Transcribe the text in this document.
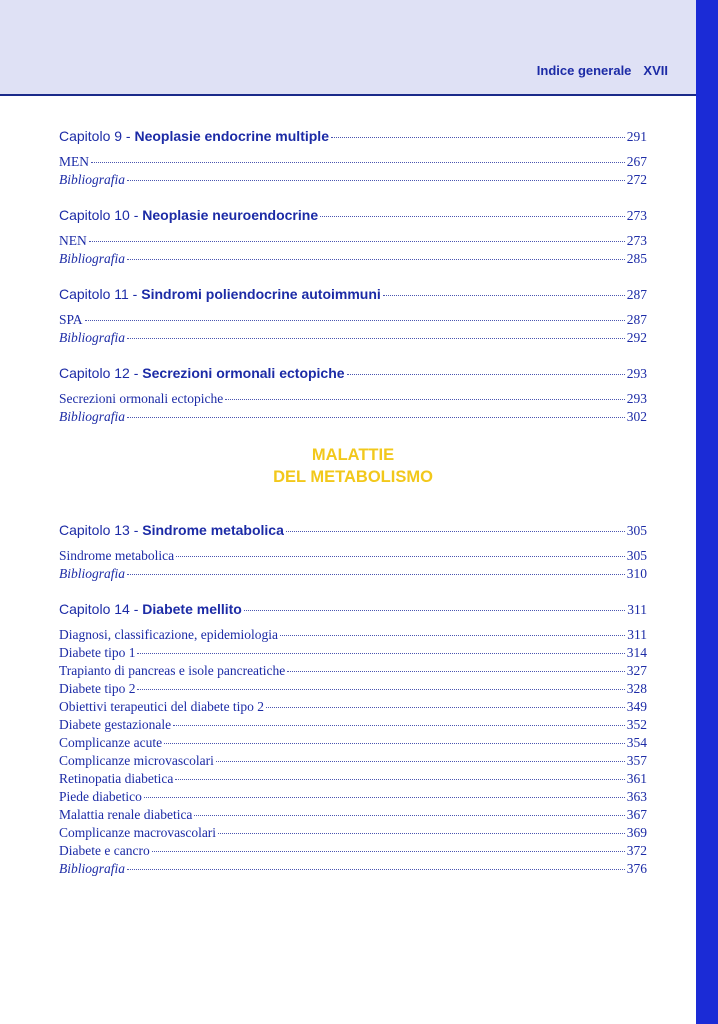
Indice generale XVII
Capitolo 9 - Neoplasie endocrine multiple	291
MEN	267
Bibliografia	272
Capitolo 10 - Neoplasie neuroendocrine	273
NEN	273
Bibliografia	285
Capitolo 11 - Sindromi poliendocrine autoimmuni	287
SPA	287
Bibliografia	292
Capitolo 12 - Secrezioni ormonali ectopiche	293
Secrezioni ormonali ectopiche	293
Bibliografia	302
MALATTIE
DEL METABOLISMO
Capitolo 13 - Sindrome metabolica	305
Sindrome metabolica	305
Bibliografia	310
Capitolo 14 - Diabete mellito	311
Diagnosi, classificazione, epidemiologia	311
Diabete tipo 1	314
Trapianto di pancreas e isole pancreatiche	327
Diabete tipo 2	328
Obiettivi terapeutici del diabete tipo 2	349
Diabete gestazionale	352
Complicanze acute	354
Complicanze microvascolari	357
Retinopatia diabetica	361
Piede diabetico	363
Malattia renale diabetica	367
Complicanze macrovascolari	369
Diabete e cancro	372
Bibliografia	376
